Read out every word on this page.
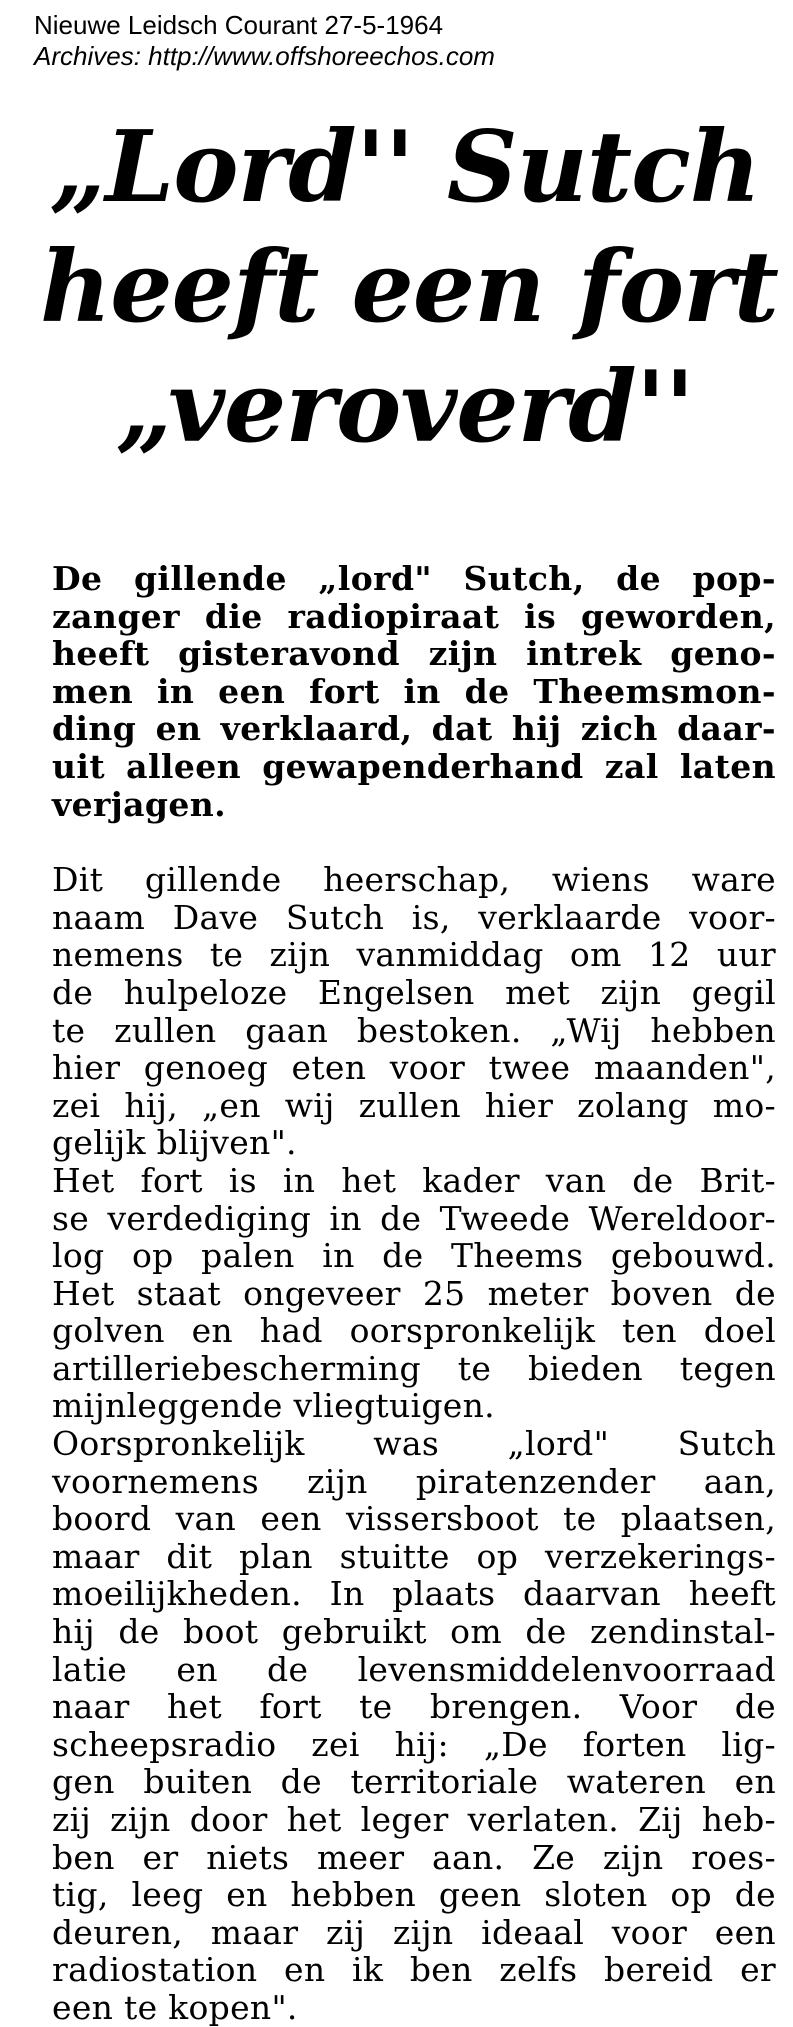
Nieuwe Leidsch Courant 27-5-1964
Archives: http://www.offshoreechos.com
„Lord'' Sutch
heeft een fort
„veroverd''
De gillende „lord" Sutch, de pop-
zanger die radiopiraat is geworden,
heeft gisteravond zijn intrek geno-
men in een fort in de Theemsmon-
ding en verklaard, dat hij zich daar-
uit alleen gewapenderhand zal laten
verjagen.
Dit gillende heerschap, wiens ware
naam Dave Sutch is, verklaarde voor-
nemens te zijn vanmiddag om 12 uur
de hulpeloze Engelsen met zijn gegil
te zullen gaan bestoken. „Wij hebben
hier genoeg eten voor twee maanden",
zei hij, „en wij zullen hier zolang mo-
gelijk blijven".
Het fort is in het kader van de Brit-
se verdediging in de Tweede Wereldoor-
log op palen in de Theems gebouwd.
Het staat ongeveer 25 meter boven de
golven en had oorspronkelijk ten doel
artilleriebescherming te bieden tegen
mijnleggende vliegtuigen.
Oorspronkelijk was „lord" Sutch
voornemens zijn piratenzender aan,
boord van een vissersboot te plaatsen,
maar dit plan stuitte op verzekerings-
moeilijkheden. In plaats daarvan heeft
hij de boot gebruikt om de zendinstal-
latie en de levensmiddelenvoorraad
naar het fort te brengen. Voor de
scheepsradio zei hij: „De forten lig-
gen buiten de territoriale wateren en
zij zijn door het leger verlaten. Zij heb-
ben er niets meer aan. Ze zijn roes-
tig, leeg en hebben geen sloten op de
deuren, maar zij zijn ideaal voor een
radiostation en ik ben zelfs bereid er
een te kopen".
